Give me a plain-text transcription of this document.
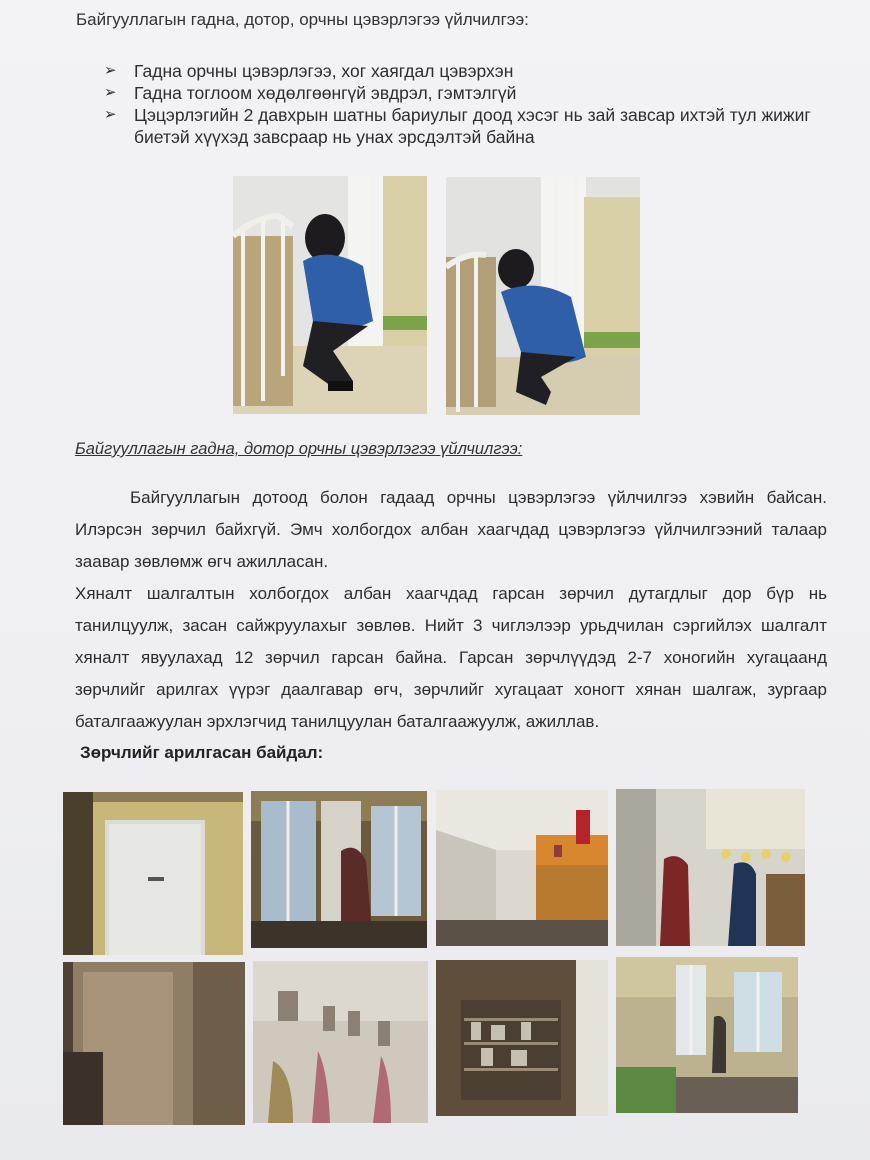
Байгууллагын гадна, дотор, орчны цэвэрлэгээ үйлчилгээ:
➢ Гадна орчны цэвэрлэгээ, хог хаягдал цэвэрхэн
➢ Гадна тоглоом хөдөлгөөнгүй эвдрэл, гэмтэлгүй
➢ Цэцэрлэгийн 2 давхрын шатны бариулыг доод хэсэг нь зай завсар ихтэй тул жижиг биетэй хүүхэд завсраар нь унах эрсдэлтэй байна
Байгууллагын гадна, дотор орчны цэвэрлэгээ үйлчилгээ:

Байгууллагын дотоод болон гадаад орчны цэвэрлэгээ үйлчилгээ хэвийн байсан. Илэрсэн зөрчил байхгүй. Эмч холбогдох албан хаагчдад цэвэрлэгээ үйлчилгээний талаар заавар зөвлөмж өгч ажилласан.

Хяналт шалгалтын холбогдох албан хаагчдад гарсан зөрчил дутагдлыг дор бүр нь танилцуулж, засан сайжруулахыг зөвлөв. Нийт 3 чиглэлээр урьдчилан сэргийлэх шалгалт хяналт явуулахад 12 зөрчил гарсан байна. Гарсан зөрчлүүдэд 2-7 хоногийн хугацаанд зөрчлийг арилгах үүрэг даалгавар өгч, зөрчлийг хугацаат хоногт хянан шалгаж, зургаар баталгаажуулан эрхлэгчид танилцуулан баталгаажуулж, ажиллав.

Зөрчлийг арилгасан байдал:
